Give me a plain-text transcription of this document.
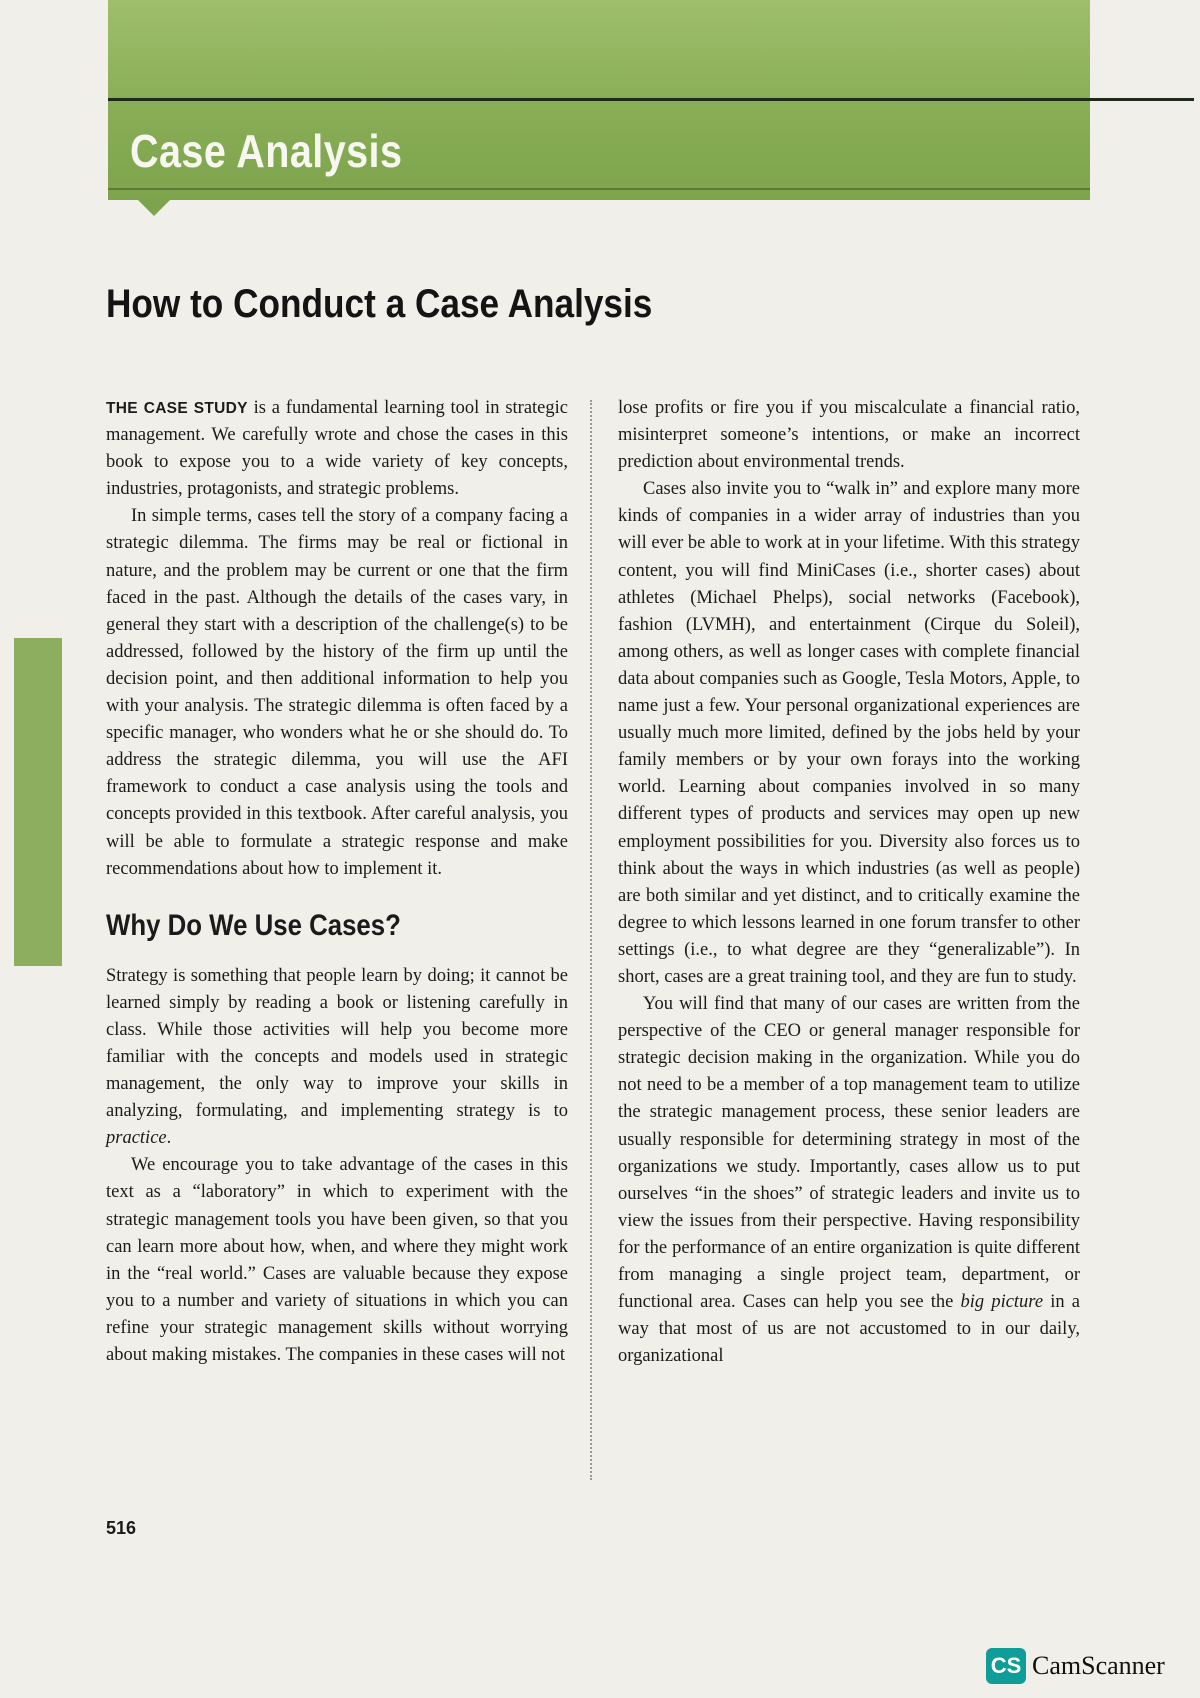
Case Analysis
How to Conduct a Case Analysis

THE CASE STUDY is a fundamental learning tool in strategic management. We carefully wrote and chose the cases in this book to expose you to a wide variety of key concepts, industries, protagonists, and strategic problems.

In simple terms, cases tell the story of a company facing a strategic dilemma. The firms may be real or fictional in nature, and the problem may be current or one that the firm faced in the past. Although the details of the cases vary, in general they start with a description of the challenge(s) to be addressed, followed by the history of the firm up until the decision point, and then additional information to help you with your analysis. The strategic dilemma is often faced by a specific manager, who wonders what he or she should do. To address the strategic dilemma, you will use the AFI framework to conduct a case analysis using the tools and concepts provided in this textbook. After careful analysis, you will be able to formulate a strategic response and make recommendations about how to implement it.

Why Do We Use Cases?

Strategy is something that people learn by doing; it cannot be learned simply by reading a book or listening carefully in class. While those activities will help you become more familiar with the concepts and models used in strategic management, the only way to improve your skills in analyzing, formulating, and implementing strategy is to practice.

We encourage you to take advantage of the cases in this text as a “laboratory” in which to experiment with the strategic management tools you have been given, so that you can learn more about how, when, and where they might work in the “real world.” Cases are valuable because they expose you to a number and variety of situations in which you can refine your strategic management skills without worrying about making mistakes. The companies in these cases will not

lose profits or fire you if you miscalculate a financial ratio, misinterpret someone’s intentions, or make an incorrect prediction about environmental trends.

Cases also invite you to “walk in” and explore many more kinds of companies in a wider array of industries than you will ever be able to work at in your lifetime. With this strategy content, you will find MiniCases (i.e., shorter cases) about athletes (Michael Phelps), social networks (Facebook), fashion (LVMH), and entertainment (Cirque du Soleil), among others, as well as longer cases with complete financial data about companies such as Google, Tesla Motors, Apple, to name just a few. Your personal organizational experiences are usually much more limited, defined by the jobs held by your family members or by your own forays into the working world. Learning about companies involved in so many different types of products and services may open up new employment possibilities for you. Diversity also forces us to think about the ways in which industries (as well as people) are both similar and yet distinct, and to critically examine the degree to which lessons learned in one forum transfer to other settings (i.e., to what degree are they “generalizable”). In short, cases are a great training tool, and they are fun to study.

You will find that many of our cases are written from the perspective of the CEO or general manager responsible for strategic decision making in the organization. While you do not need to be a member of a top management team to utilize the strategic management process, these senior leaders are usually responsible for determining strategy in most of the organizations we study. Importantly, cases allow us to put ourselves “in the shoes” of strategic leaders and invite us to view the issues from their perspective. Having responsibility for the performance of an entire organization is quite different from managing a single project team, department, or functional area. Cases can help you see the big picture in a way that most of us are not accustomed to in our daily, organizational

516
CS CamScanner
